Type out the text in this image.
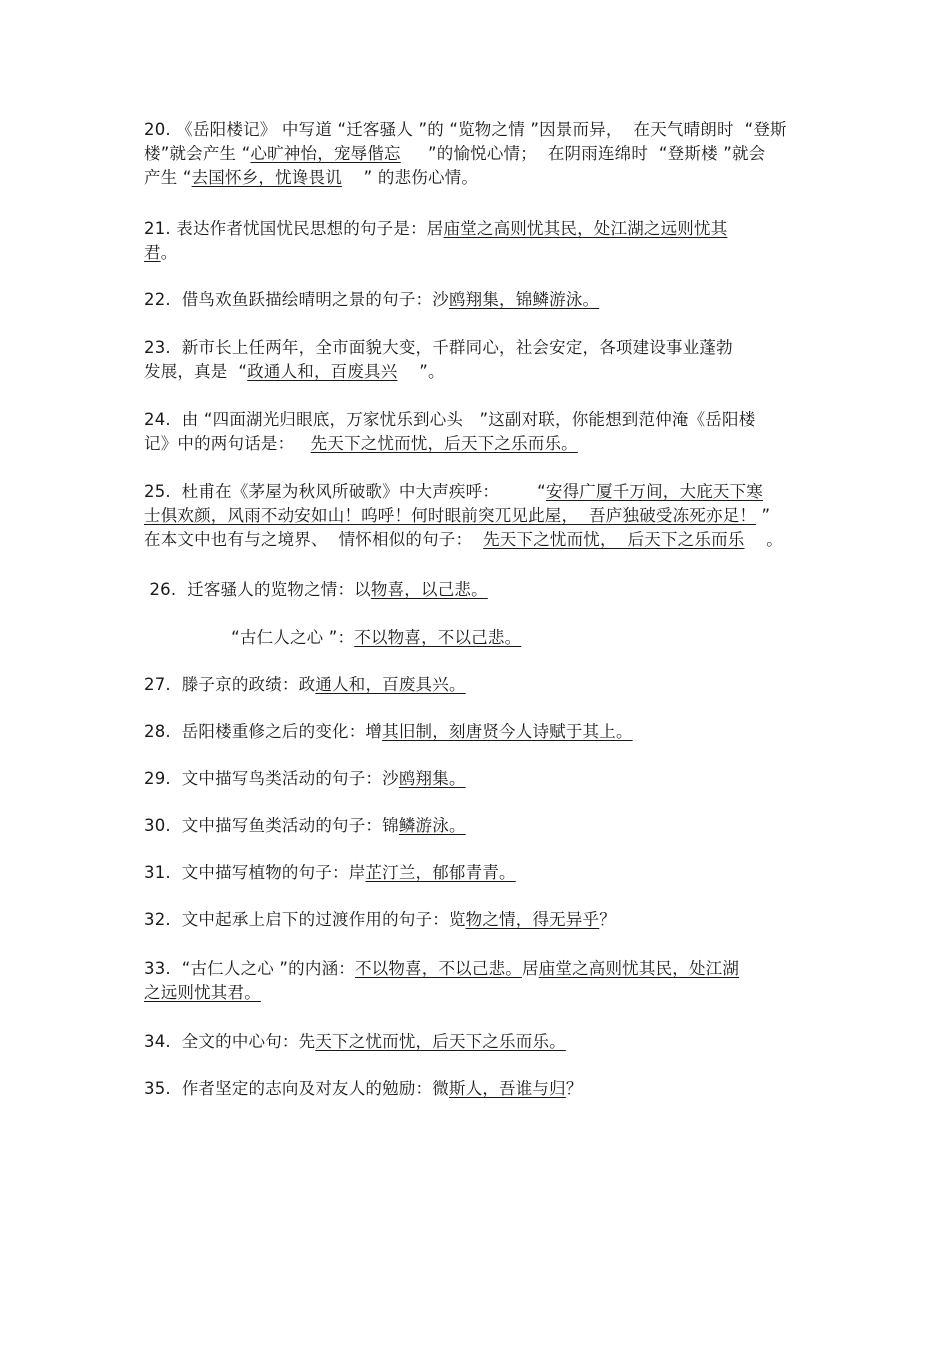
20. 《岳阳楼记》 中写道 “迁客骚人 ”的 “览物之情 ”因景而异，  在天气晴朗时  “登斯
楼”就会产生 “心旷神怡，宠辱偕忘     ”的愉悦心情；  在阴雨连绵时  “登斯楼 ”就会
产生 “去国怀乡，忧谗畏讥    ” 的悲伤心情。
21. 表达作者忧国忧民思想的句子是：居庙堂之高则忧其民，处江湖之远则忧其
君。
22.  借鸟欢鱼跃描绘晴明之景的句子：沙鸥翔集，锦鳞游泳。
23.  新市长上任两年，全市面貌大变，千群同心，社会安定，各项建设事业蓬勃
发展，真是  “政通人和，百废具兴    ”。
24.  由 “四面湖光归眼底，万家忧乐到心头   ”这副对联，你能想到范仲淹《岳阳楼
记》中的两句话是：   先天下之忧而忧，后天下之乐而乐。
25.  杜甫在《茅屋为秋风所破歌》中大声疾呼：       “安得广厦千万间，大庇天下寒
士俱欢颜，风雨不动安如山！呜呼！何时眼前突兀见此屋，  吾庐独破受冻死亦足！ ”
在本文中也有与之境界、  情怀相似的句子：  先天下之忧而忧，  后天下之乐而乐    。
26.  迁客骚人的览物之情：以物喜，以己悲。
“古仁人之心 ”：不以物喜，不以己悲。
27.  滕子京的政绩：政通人和，百废具兴。
28.  岳阳楼重修之后的变化：增其旧制，刻唐贤今人诗赋于其上。
29.  文中描写鸟类活动的句子：沙鸥翔集。
30.  文中描写鱼类活动的句子：锦鳞游泳。
31.  文中描写植物的句子：岸芷汀兰，郁郁青青。
32.  文中起承上启下的过渡作用的句子：览物之情，得无异乎？
33.  “古仁人之心 ”的内涵：不以物喜，不以己悲。居庙堂之高则忧其民，处江湖
之远则忧其君。
34.  全文的中心句：先天下之忧而忧，后天下之乐而乐。
35.  作者坚定的志向及对友人的勉励：微斯人，吾谁与归？
